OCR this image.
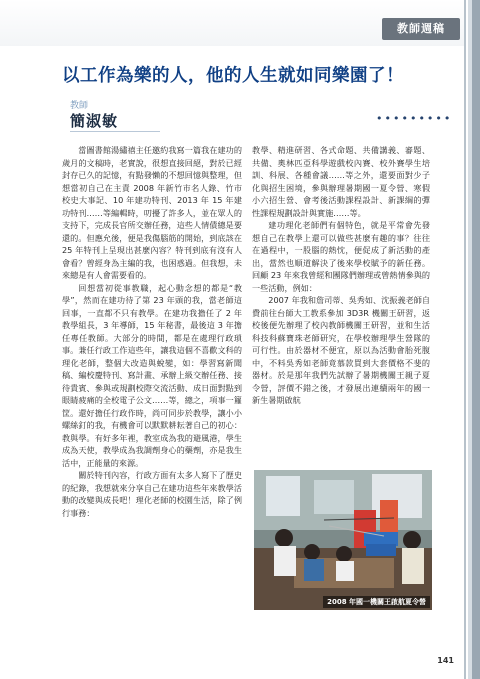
教師週稿
以工作為樂的人，他的人生就如同樂園了！
教師
簡淑敏	•••••••••

當圖書館湯繡禧主任邀約我寫一篇我在建功的歲月的文稿時，老實說，很想直接回絕，對於已經封存已久的記憶，有點發懶的不想回憶與整理，但想當初自己在主責 2008 年新竹市名人錄、竹市校史大事記、10 年建功特刊、2013 年 15 年建功特刊……等編輯時，叨擾了許多人，並在眾人的支持下，完成長官所交辦任務，這些人情債總是要還的。但應允後，便是我傷腦筋的開始，到底該在 25 年特刊上呈現出甚麼內容？特刊到底有沒有人會看？曾經身為主編的我，也困惑過。但我想，未來總是有人會需要看的。

回想當初從事教職，起心動念想的都是“教學”，然而在建功待了第 23 年頭的我，當老師這回事，一直都不只有教學。在建功我擔任了 2 年教學組長，3 年導師，15 年秘書，最後這 3 年擔任專任教師。大部分的時間，都是在處理行政瑣事。兼任行政工作這些年，讓我這個不喜歡文科的理化老師，整個大改造與蛻變，如：學習寫新聞稿、編校慶特刊、寫計畫、承辦上級交辦任務、接待貴賓、參與或規劃校際交流活動、成日面對點到眼睛疲痛的全校電子公文……等，總之，項事一籮筐。還好擔任行政作時，尚可同步於教學，讓小小螺絲釘的我，有機會可以默默耕耘著自己的初心：教與學。有好多年裡，教室成為我的避風港，學生成為天使，教學成為我調劑身心的藥劑，亦是我生活中，正能量的來源。

關於特刊內容，行政方面有太多人寫下了歷史的紀錄，我想就來分享自己在建功這些年來教學活動的改變與成長吧！理化老師的校園生活，除了例行事務：

教學、精進研習、各式命題、共備講義、審題、共備、奧林匹亞科學遊戲校內賽、校外賽學生培訓、科展、各種會議……等之外，還要面對少子化與招生困境，參與辦理暑期國一夏令營、寒假小六招生營、會考後活動課程設計、新課綱的彈性課程規劃設計與實施……等。

建功理化老師們有個特色，就是平常會先發想自己在教學上還可以做些甚麼有趣的事？往往在過程中，一股腦的熱忱，便促成了新活動的產出，當然也順道解決了後來學校賦予的新任務。回顧 23 年來我曾經和團隊們辦理或曾熱情參與的一些活動，例如：

2007 年我和詹司蒂、吳秀如、沈振義老師自費前往台師大工教系參加 3D3R 機關王研習，返校後便先辦理了校內教師機關王研習，並和生活科技科蘇寶珠老師研究，在學校辦理學生營隊的可行性。由於器材不便宜，原以為活動會胎死腹中，不料吳秀如老師竟慕款買到大套價格不斐的器材。於是那年我們先試辦了暑期機關王親子夏令營，評價不錯之後，才發展出連續兩年的國一新生暑期啟航

2008 年國一機關王啟航夏令營
141
